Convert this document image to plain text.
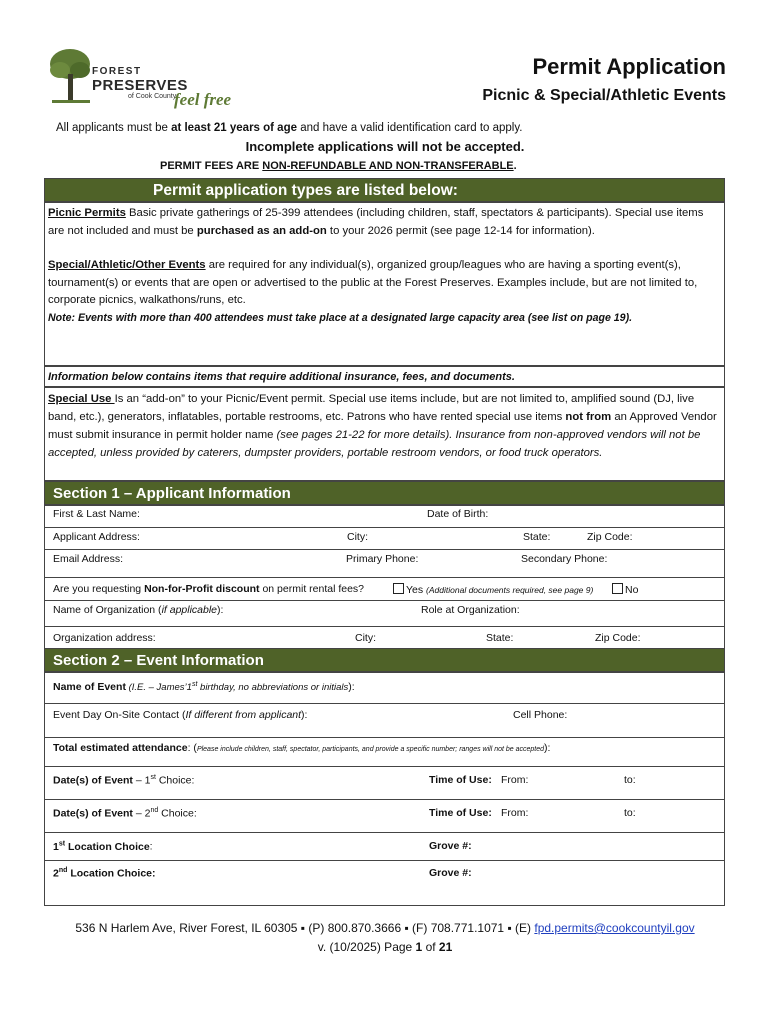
FOREST
PRESERVES
of Cook County
feel free
Permit Application
Picnic & Special/Athletic Events
All applicants must be at least 21 years of age and have a valid identification card to apply.
Incomplete applications will not be accepted.
PERMIT FEES ARE NON-REFUNDABLE AND NON-TRANSFERABLE.
Permit application types are listed below:

Picnic Permits Basic private gatherings of 25-399 attendees (including children, staff, spectators & participants). Special use items are not included and must be purchased as an add-on to your 2026 permit (see page 12-14 for information).

Special/Athletic/Other Events are required for any individual(s), organized group/leagues who are having a sporting event(s), tournament(s) or events that are open or advertised to the public at the Forest Preserves. Examples include, but are not limited to, corporate picnics, walkathons/runs, etc.

Note: Events with more than 400 attendees must take place at a designated large capacity area (see list on page 19).

Information below contains items that require additional insurance, fees, and documents.

Special Use Is an “add-on” to your Picnic/Event permit. Special use items include, but are not limited to, amplified sound (DJ, live band, etc.), generators, inflatables, portable restrooms, etc. Patrons who have rented special use items not from an Approved Vendor must submit insurance in permit holder name (see pages 21-22 for more details). Insurance from non-approved vendors will not be accepted, unless provided by caterers, dumpster providers, portable restroom vendors, or food truck operators.

Section 1 – Applicant Information
First & Last Name:	Date of Birth:
Applicant Address:	City:	State:	Zip Code:
Email Address:	Primary Phone:	Secondary Phone:
Are you requesting Non-for-Profit discount on permit rental fees?	Yes (Additional documents required, see page 9)	No
Name of Organization (if applicable):	Role at Organization:
Organization address:	City:	State:	Zip Code:
Section 2 – Event Information
Name of Event (I.E. – James’1st birthday, no abbreviations or initials):
Event Day On-Site Contact (If different from applicant):	Cell Phone:
Total estimated attendance: (Please include children, staff, spectator, participants, and provide a specific number; ranges will not be accepted):
Date(s) of Event – 1st Choice:	Time of Use: From:	to:
Date(s) of Event – 2nd Choice:	Time of Use: From:	to:
1st Location Choice:	Grove #:
2nd Location Choice:	Grove #:
536 N Harlem Ave, River Forest, IL 60305 ▪ (P) 800.870.3666 ▪ (F) 708.771.1071 ▪ (E) fpd.permits@cookcountyil.gov
v. (10/2025) Page 1 of 21
